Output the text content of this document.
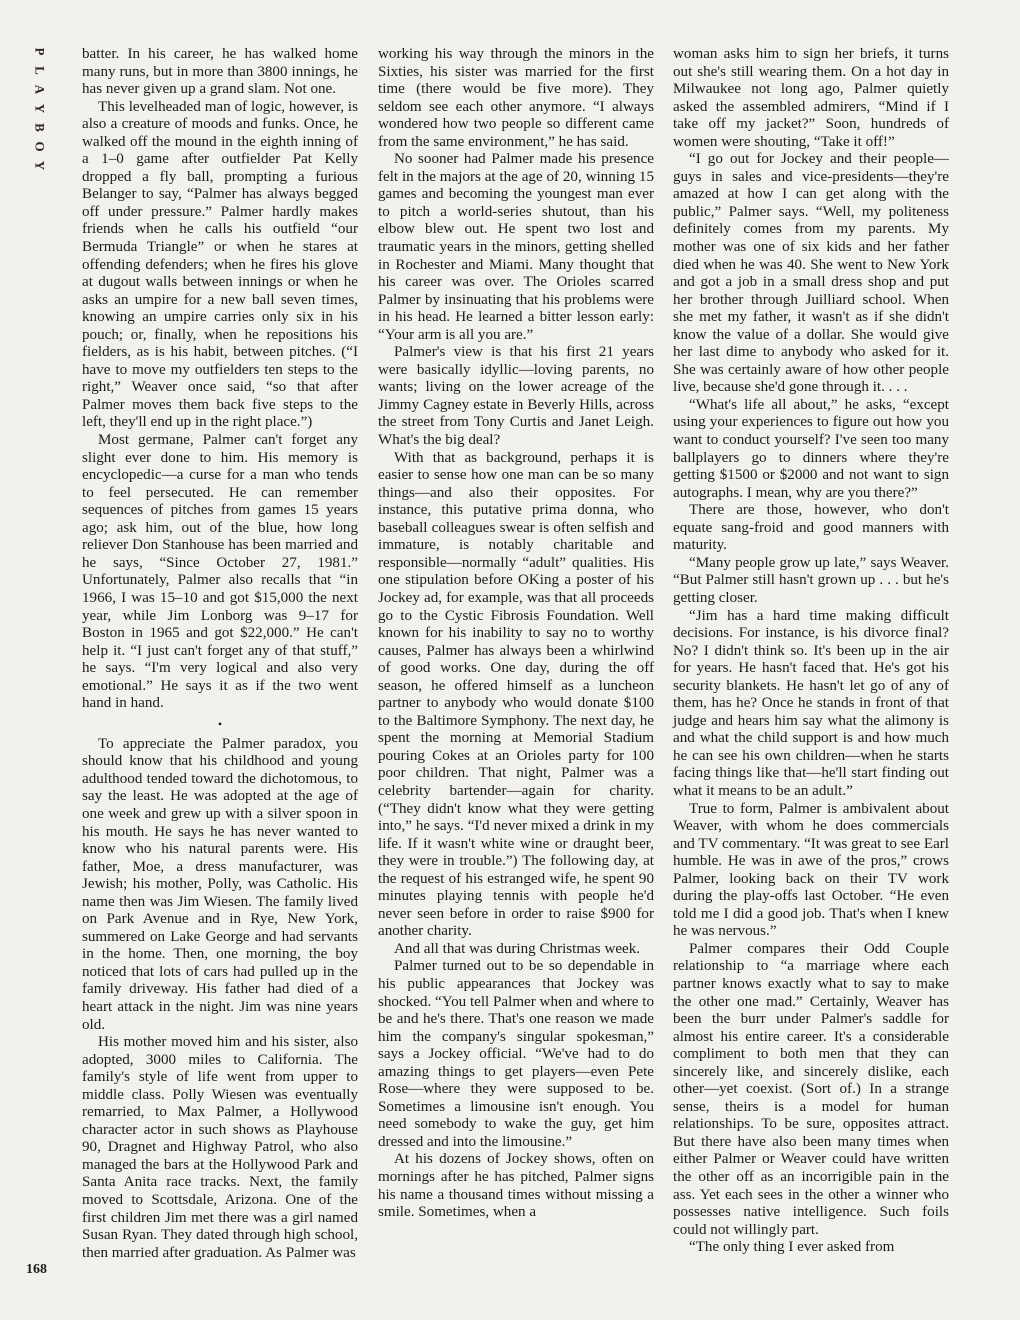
P
L
A
Y
B
O
Y

batter. In his career, he has walked home many runs, but in more than 3800 innings, he has never given up a grand slam. Not one.

This levelheaded man of logic, however, is also a creature of moods and funks. Once, he walked off the mound in the eighth inning of a 1–0 game after outfielder Pat Kelly dropped a fly ball, prompting a furious Belanger to say, “Palmer has always begged off under pressure.” Palmer hardly makes friends when he calls his outfield “our Bermuda Triangle” or when he stares at offending defenders; when he fires his glove at dugout walls between innings or when he asks an umpire for a new ball seven times, knowing an umpire carries only six in his pouch; or, finally, when he repositions his fielders, as is his habit, between pitches. (“I have to move my outfielders ten steps to the right,” Weaver once said, “so that after Palmer moves them back five steps to the left, they'll end up in the right place.”)

Most germane, Palmer can't forget any slight ever done to him. His memory is encyclopedic—a curse for a man who tends to feel persecuted. He can remember sequences of pitches from games 15 years ago; ask him, out of the blue, how long reliever Don Stanhouse has been married and he says, “Since October 27, 1981.” Unfortunately, Palmer also recalls that “in 1966, I was 15–10 and got $15,000 the next year, while Jim Lonborg was 9–17 for Boston in 1965 and got $22,000.” He can't help it. “I just can't forget any of that stuff,” he says. “I'm very logical and also very emotional.” He says it as if the two went hand in hand.

•

To appreciate the Palmer paradox, you should know that his childhood and young adulthood tended toward the dichotomous, to say the least. He was adopted at the age of one week and grew up with a silver spoon in his mouth. He says he has never wanted to know who his natural parents were. His father, Moe, a dress manufacturer, was Jewish; his mother, Polly, was Catholic. His name then was Jim Wiesen. The family lived on Park Avenue and in Rye, New York, summered on Lake George and had servants in the home. Then, one morning, the boy noticed that lots of cars had pulled up in the family driveway. His father had died of a heart attack in the night. Jim was nine years old.

His mother moved him and his sister, also adopted, 3000 miles to California. The family's style of life went from upper to middle class. Polly Wiesen was eventually remarried, to Max Palmer, a Hollywood character actor in such shows as Playhouse 90, Dragnet and Highway Patrol, who also managed the bars at the Hollywood Park and Santa Anita race tracks. Next, the family moved to Scottsdale, Arizona. One of the first children Jim met there was a girl named Susan Ryan. They dated through high school, then married after graduation. As Palmer was

working his way through the minors in the Sixties, his sister was married for the first time (there would be five more). They seldom see each other anymore. “I always wondered how two people so different came from the same environment,” he has said.

No sooner had Palmer made his presence felt in the majors at the age of 20, winning 15 games and becoming the youngest man ever to pitch a world-series shutout, than his elbow blew out. He spent two lost and traumatic years in the minors, getting shelled in Rochester and Miami. Many thought that his career was over. The Orioles scarred Palmer by insinuating that his problems were in his head. He learned a bitter lesson early: “Your arm is all you are.”

Palmer's view is that his first 21 years were basically idyllic—loving parents, no wants; living on the lower acreage of the Jimmy Cagney estate in Beverly Hills, across the street from Tony Curtis and Janet Leigh. What's the big deal?

With that as background, perhaps it is easier to sense how one man can be so many things—and also their opposites. For instance, this putative prima donna, who baseball colleagues swear is often selfish and immature, is notably charitable and responsible—normally “adult” qualities. His one stipulation before OKing a poster of his Jockey ad, for example, was that all proceeds go to the Cystic Fibrosis Foundation. Well known for his inability to say no to worthy causes, Palmer has always been a whirlwind of good works. One day, during the off season, he offered himself as a luncheon partner to anybody who would donate $100 to the Baltimore Symphony. The next day, he spent the morning at Memorial Stadium pouring Cokes at an Orioles party for 100 poor children. That night, Palmer was a celebrity bartender—again for charity. (“They didn't know what they were getting into,” he says. “I'd never mixed a drink in my life. If it wasn't white wine or draught beer, they were in trouble.”) The following day, at the request of his estranged wife, he spent 90 minutes playing tennis with people he'd never seen before in order to raise $900 for another charity.

And all that was during Christmas week.

Palmer turned out to be so dependable in his public appearances that Jockey was shocked. “You tell Palmer when and where to be and he's there. That's one reason we made him the company's singular spokesman,” says a Jockey official. “We've had to do amazing things to get players—even Pete Rose—where they were supposed to be. Sometimes a limousine isn't enough. You need somebody to wake the guy, get him dressed and into the limousine.”

At his dozens of Jockey shows, often on mornings after he has pitched, Palmer signs his name a thousand times without missing a smile. Sometimes, when a

woman asks him to sign her briefs, it turns out she's still wearing them. On a hot day in Milwaukee not long ago, Palmer quietly asked the assembled admirers, “Mind if I take off my jacket?” Soon, hundreds of women were shouting, “Take it off!”

“I go out for Jockey and their people—guys in sales and vice-presidents—they're amazed at how I can get along with the public,” Palmer says. “Well, my politeness definitely comes from my parents. My mother was one of six kids and her father died when he was 40. She went to New York and got a job in a small dress shop and put her brother through Juilliard school. When she met my father, it wasn't as if she didn't know the value of a dollar. She would give her last dime to anybody who asked for it. She was certainly aware of how other people live, because she'd gone through it. . . .

“What's life all about,” he asks, “except using your experiences to figure out how you want to conduct yourself? I've seen too many ballplayers go to dinners where they're getting $1500 or $2000 and not want to sign autographs. I mean, why are you there?”

There are those, however, who don't equate sang-froid and good manners with maturity.

“Many people grow up late,” says Weaver. “But Palmer still hasn't grown up . . . but he's getting closer.

“Jim has a hard time making difficult decisions. For instance, is his divorce final? No? I didn't think so. It's been up in the air for years. He hasn't faced that. He's got his security blankets. He hasn't let go of any of them, has he? Once he stands in front of that judge and hears him say what the alimony is and what the child support is and how much he can see his own children—when he starts facing things like that—he'll start finding out what it means to be an adult.”

True to form, Palmer is ambivalent about Weaver, with whom he does commercials and TV commentary. “It was great to see Earl humble. He was in awe of the pros,” crows Palmer, looking back on their TV work during the play-offs last October. “He even told me I did a good job. That's when I knew he was nervous.”

Palmer compares their Odd Couple relationship to “a marriage where each partner knows exactly what to say to make the other one mad.” Certainly, Weaver has been the burr under Palmer's saddle for almost his entire career. It's a considerable compliment to both men that they can sincerely like, and sincerely dislike, each other—yet coexist. (Sort of.) In a strange sense, theirs is a model for human relationships. To be sure, opposites attract. But there have also been many times when either Palmer or Weaver could have written the other off as an incorrigible pain in the ass. Yet each sees in the other a winner who possesses native intelligence. Such foils could not willingly part.

“The only thing I ever asked from

168
